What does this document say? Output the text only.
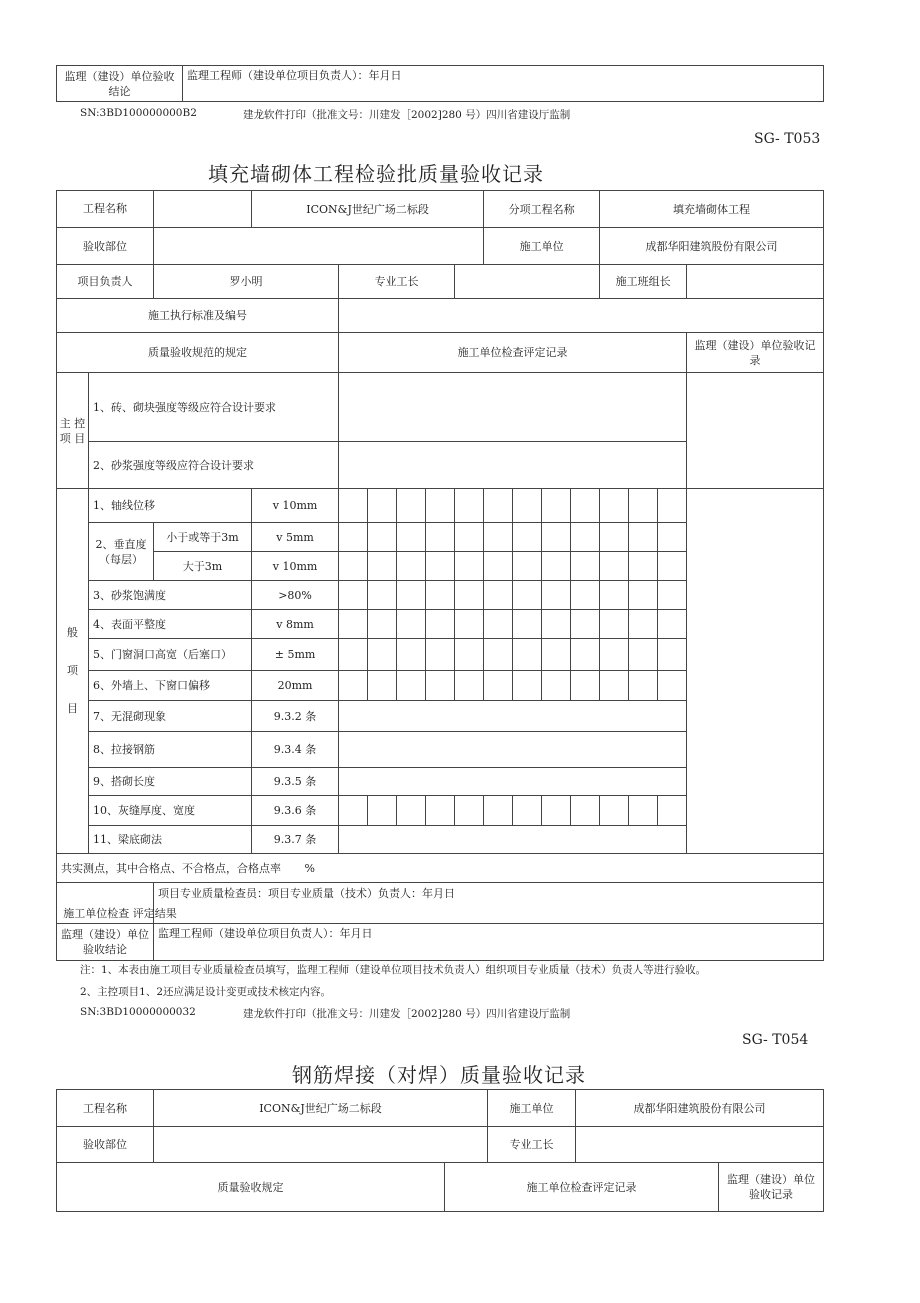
监理（建设）单位验收结论	监理工程师（建设单位项目负责人）：年月日
SN:3BD100000000B2	建龙软件打印（批准文号：川建发［2002]280 号）四川省建设厅监制
SG- T053
填充墙砌体工程检验批质量验收记录
工程名称			ICON&J世纪广场二标段						分项工程名称				填充墙砌体工程			
验收部位									施工单位				成都华阳建筑股份有限公司			
项目负责人		罗小明		专业工长									施工班组长			
施工执行标准及编号																
质量验收规范的规定				施工单位检查评定记录												监理（建设）单位验收记录
主 控 项 目	1、砖、砌块强度等级应符合设计要求															
	2、砂浆强度等级应符合设计要求															

般
项
目	1、轴线位移		v 10mm													
	2、垂直度（每层）	小于或等于3m	v 5mm													
		大于3m	v 10mm													
	3、砂浆饱满度		>80%													
	4、表面平整度		v 8mm													
	5、门窗洞口高宽（后塞口）		± 5mm													
	6、外墙上、下窗口偏移		20mm													
	7、无混砌现象		9.3.2 条													
	8、拉接钢筋		9.3.4 条													
	9、搭砌长度		9.3.5 条													
	10、灰缝厚度、宽度		9.3.6 条													
	11、梁底砌法		9.3.7 条													
共实测点，其中合格点、不合格点，合格点率 %																

施工单位检查 评定结果		项目专业质量检查员：项目专业质量（技术）负责人：年月日														
监理（建设）单位验收结论		监理工程师（建设单位项目负责人）：年月日														
注：1、本表由施工项目专业质量检查员填写，监理工程师（建设单位项目技术负责人）组织项目专业质量（技术）负责人等进行验收。
2、主控项目1、2还应满足设计变更或技术核定内容。
SN:3BD10000000032	建龙软件打印（批准文号：川建发［2002]280 号）四川省建设厅监制
SG- T054
钢筋焊接（对焊）质量验收记录
工程名称	ICON&J世纪广场二标段		施工单位	成都华阳建筑股份有限公司	
验收部位			专业工长		
质量验收规定		施工单位检查评定记录			监理（建设）单位验收记录
